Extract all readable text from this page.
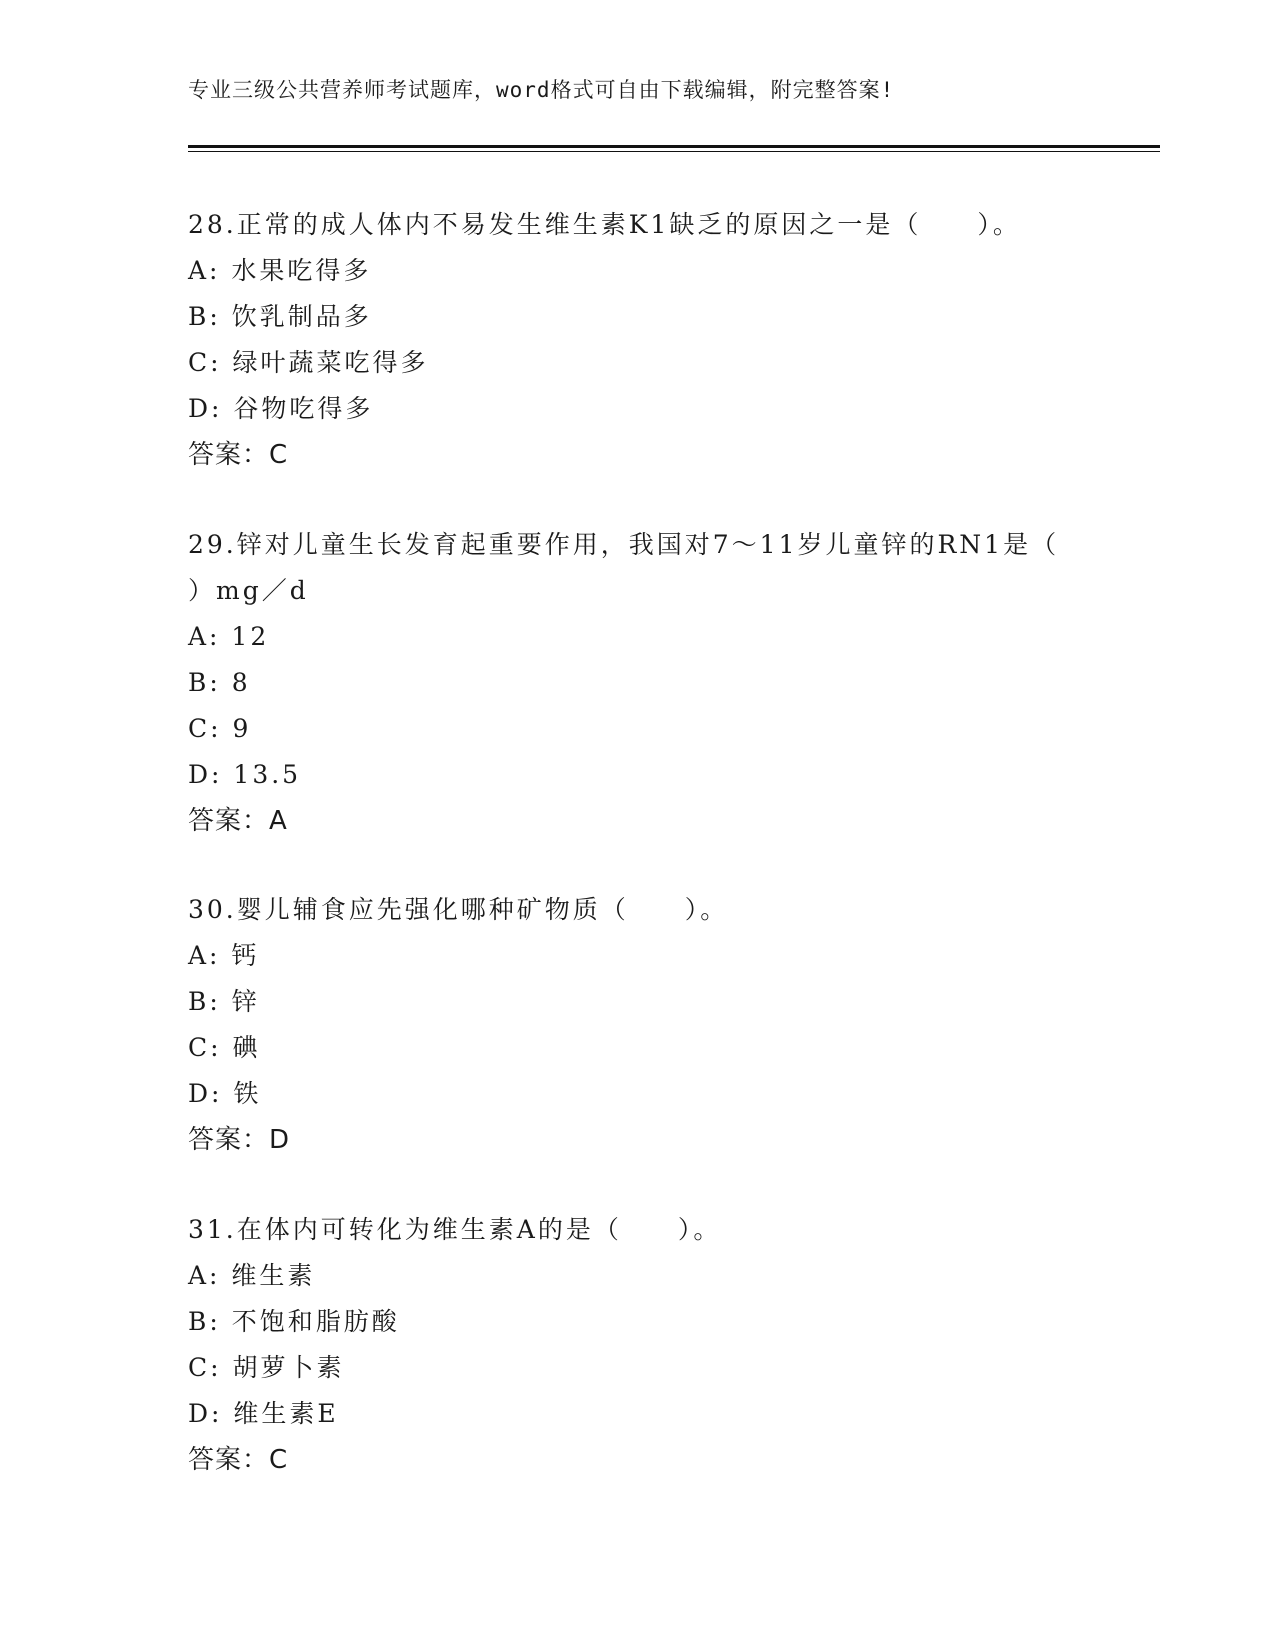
专业三级公共营养师考试题库，word格式可自由下载编辑，附完整答案!
28.正常的成人体内不易发生维生素K1缺乏的原因之一是（　　）。
A: 水果吃得多
B: 饮乳制品多
C: 绿叶蔬菜吃得多
D: 谷物吃得多
答案：C
29.锌对儿童生长发育起重要作用，我国对7～11岁儿童锌的RN1是（
）mg／d
A: 12
B: 8
C: 9
D: 13.5
答案：A
30.婴儿辅食应先强化哪种矿物质（　　）。
A: 钙
B: 锌
C: 碘
D: 铁
答案：D
31.在体内可转化为维生素A的是（　　）。
A: 维生素
B: 不饱和脂肪酸
C: 胡萝卜素
D: 维生素E
答案：C
